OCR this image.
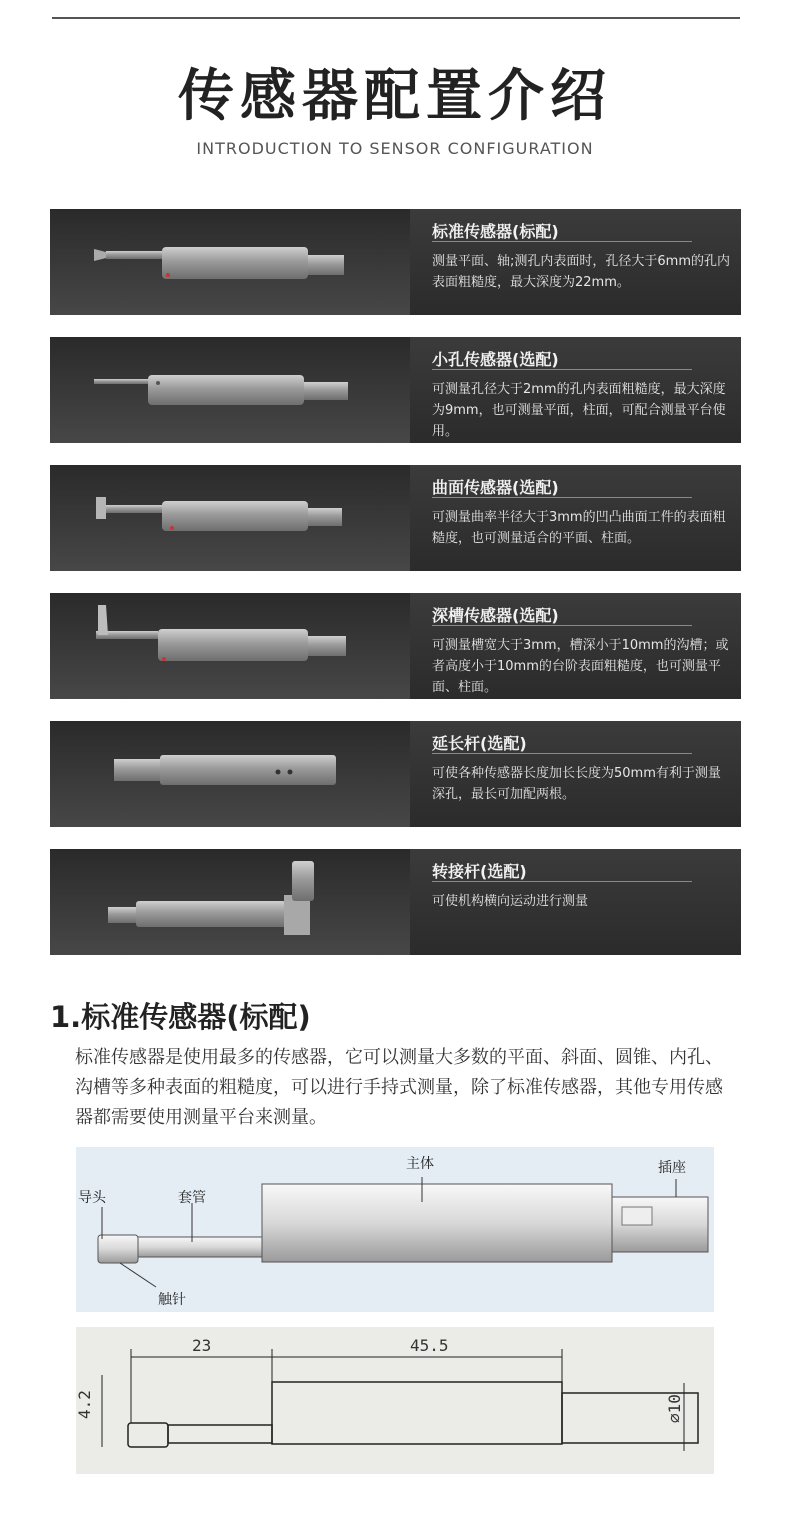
传感器配置介绍
INTRODUCTION TO SENSOR CONFIGURATION
标准传感器(标配)
测量平面、轴;测孔内表面时，孔径大于6mm的孔内表面粗糙度，最大深度为22mm。
小孔传感器(选配)
可测量孔径大于2mm的孔内表面粗糙度，最大深度为9mm，也可测量平面，柱面，可配合测量平台使用。
曲面传感器(选配)
可测量曲率半径大于3mm的凹凸曲面工件的表面粗糙度，也可测量适合的平面、柱面。
深槽传感器(选配)
可测量槽宽大于3mm，槽深小于10mm的沟槽；或者高度小于10mm的台阶表面粗糙度，也可测量平面、柱面。
延长杆(选配)
可使各种传感器长度加长长度为50mm有利于测量深孔，最长可加配两根。
转接杆(选配)
可使机构横向运动进行测量
1.标准传感器(标配)
标准传感器是使用最多的传感器，它可以测量大多数的平面、斜面、圆锥、内孔、沟槽等多种表面的粗糙度，可以进行手持式测量，除了标准传感器，其他专用传感器都需要使用测量平台来测量。
导头	套管
主体	插座
触针
23	45.5
4.2	∅10
